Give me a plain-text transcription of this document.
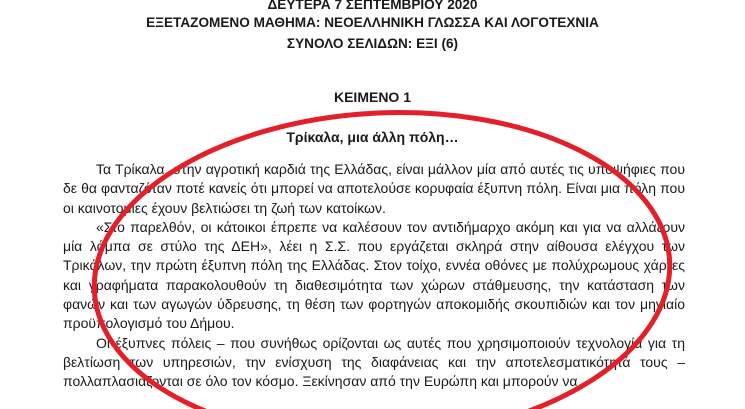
ΔΕΥΤΕΡΑ 7 ΣΕΠΤΕΜΒΡΙΟΥ 2020
ΕΞΕΤΑΖΟΜΕΝΟ ΜΑΘΗΜΑ: ΝΕΟΕΛΛΗΝΙΚΗ ΓΛΩΣΣΑ ΚΑΙ ΛΟΓΟΤΕΧΝΙΑ
ΣΥΝΟΛΟ ΣΕΛΙΔΩΝ: ΕΞΙ (6)
ΚΕΙΜΕΝΟ 1
Τρίκαλα, μια άλλη πόλη…

Τα Τρίκαλα, στην αγροτική καρδιά της Ελλάδας, είναι μάλλον μία από αυτές τις υποψήφιες που δε θα φανταζόταν ποτέ κανείς ότι μπορεί να αποτελούσε κορυφαία έξυπνη πόλη. Είναι μια πόλη που οι καινοτομίες έχουν βελτιώσει τη ζωή των κατοίκων.

«Στο παρελθόν, οι κάτοικοι έπρεπε να καλέσουν τον αντιδήμαρχο ακόμη και για να αλλάξουν μία λάμπα σε στύλο της ΔΕΗ», λέει η Σ.Σ. που εργάζεται σκληρά στην αίθουσα ελέγχου των Τρικάλων, την πρώτη έξυπνη πόλη της Ελλάδας. Στον τοίχο, εννέα οθόνες με πολύχρωμους χάρτες και γραφήματα παρακολουθούν τη διαθεσιμότητα των χώρων στάθμευσης, την κατάσταση των φανών και των αγωγών ύδρευσης, τη θέση των φορτηγών αποκομιδής σκουπιδιών και τον μηνιαίο προϋπολογισμό του Δήμου.

Οι έξυπνες πόλεις – που συνήθως ορίζονται ως αυτές που χρησιμοποιούν τεχνολογία για τη βελτίωση των υπηρεσιών, την ενίσχυση της διαφάνειας και την αποτελεσματικότητά τους – πολλαπλασιάζονται σε όλο τον κόσμο. Ξεκίνησαν από την Ευρώπη και μπορούν να
